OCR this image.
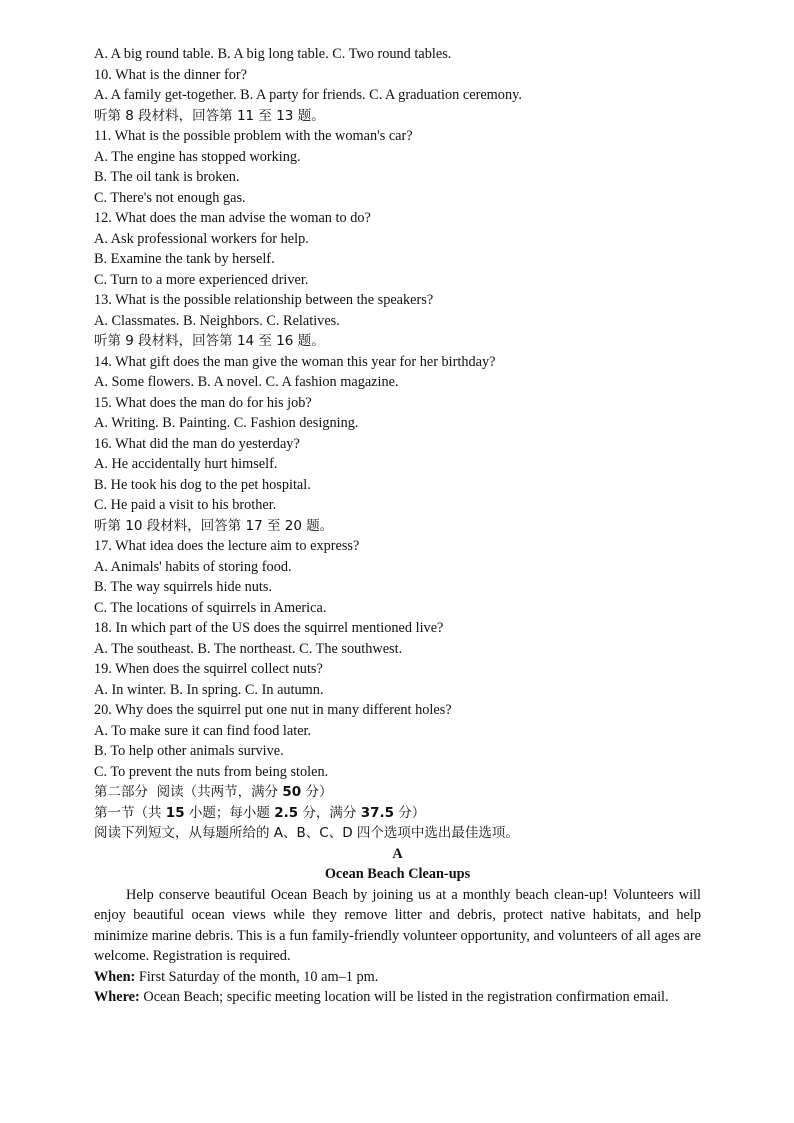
A. A big round table. B. A big long table. C. Two round tables.
10. What is the dinner for?
A. A family get-together. B. A party for friends. C. A graduation ceremony.
听第 8 段材料，回答第 11 至 13 题。
11. What is the possible problem with the woman's car?
A. The engine has stopped working.
B. The oil tank is broken.
C. There's not enough gas.
12. What does the man advise the woman to do?
A. Ask professional workers for help.
B. Examine the tank by herself.
C. Turn to a more experienced driver.
13. What is the possible relationship between the speakers?
A. Classmates. B. Neighbors. C. Relatives.
听第 9 段材料，回答第 14 至 16 题。
14. What gift does the man give the woman this year for her birthday?
A. Some flowers. B. A novel. C. A fashion magazine.
15. What does the man do for his job?
A. Writing. B. Painting. C. Fashion designing.
16. What did the man do yesterday?
A. He accidentally hurt himself.
B. He took his dog to the pet hospital.
C. He paid a visit to his brother.
听第 10 段材料，回答第 17 至 20 题。
17. What idea does the lecture aim to express?
A. Animals' habits of storing food.
B. The way squirrels hide nuts.
C. The locations of squirrels in America.
18. In which part of the US does the squirrel mentioned live?
A. The southeast. B. The northeast. C. The southwest.
19. When does the squirrel collect nuts?
A. In winter. B. In spring. C. In autumn.
20. Why does the squirrel put one nut in many different holes?
A. To make sure it can find food later.
B. To help other animals survive.
C. To prevent the nuts from being stolen.
第二部分 阅读（共两节，满分 50 分）
第一节（共 15 小题；每小题 2.5 分，满分 37.5 分）
阅读下列短文，从每题所给的 A、B、C、D 四个选项中选出最佳选项。
A
Ocean Beach Clean-ups
Help conserve beautiful Ocean Beach by joining us at a monthly beach clean-up! Volunteers will enjoy beautiful ocean views while they remove litter and debris, protect native habitats, and help minimize marine debris. This is a fun family-friendly volunteer opportunity, and volunteers of all ages are welcome. Registration is required.
When: First Saturday of the month, 10 am–1 pm.
Where: Ocean Beach; specific meeting location will be listed in the registration confirmation email.
